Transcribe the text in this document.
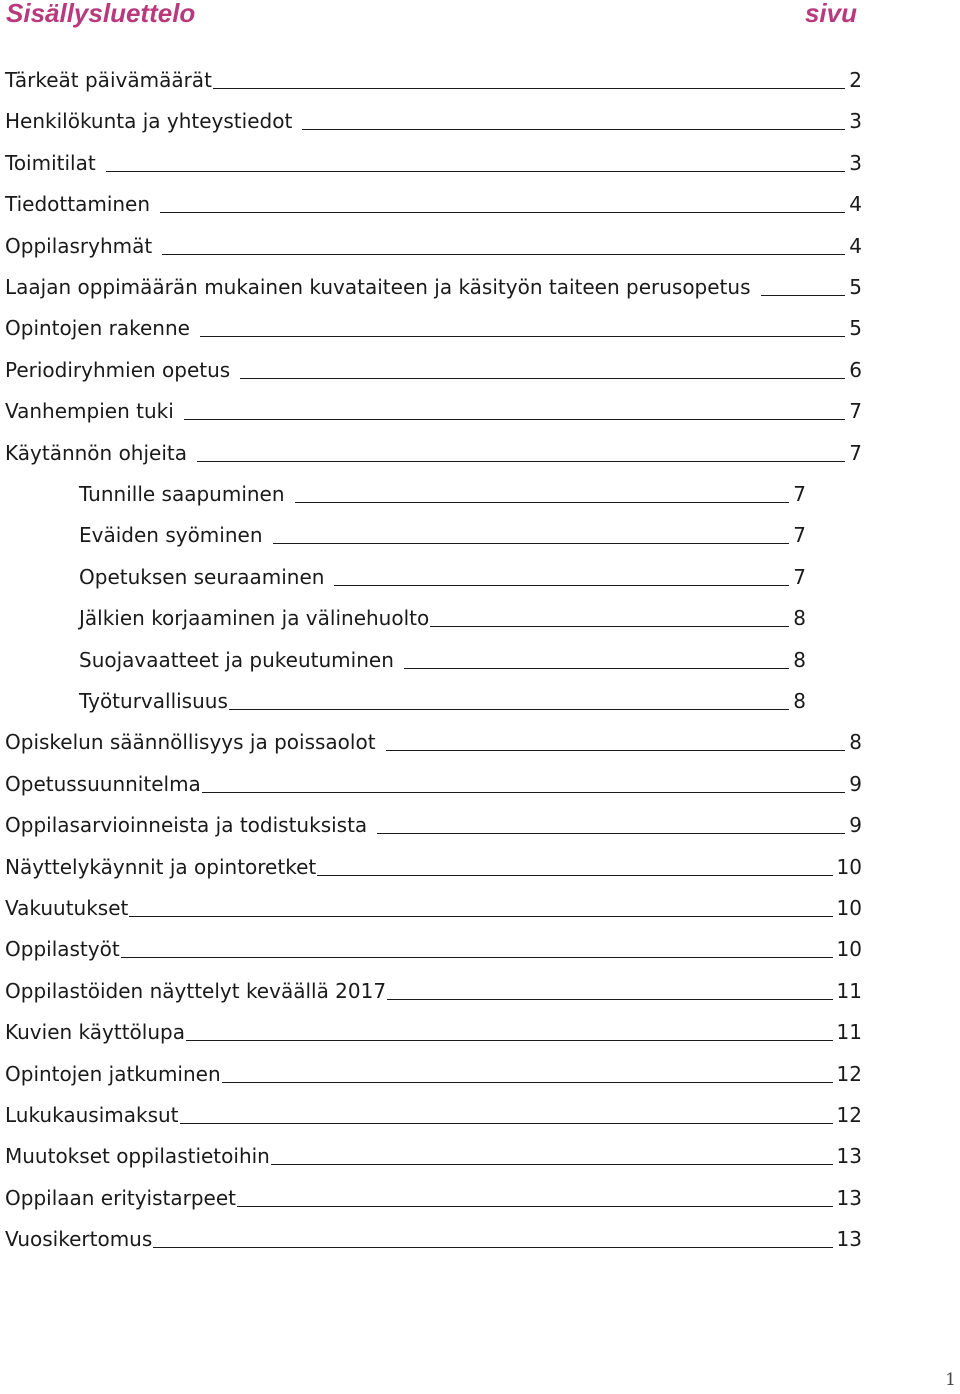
Sisällysluettelo	sivu
Tärkeät päivämäärät	2
Henkilökunta ja yhteystiedot	3
Toimitilat	3
Tiedottaminen	4
Oppilasryhmät	4
Laajan oppimäärän mukainen kuvataiteen ja käsityön taiteen perusopetus	5
Opintojen rakenne	5
Periodiryhmien opetus	6
Vanhempien tuki	7
Käytännön ohjeita	7
Tunnille saapuminen	7
Eväiden syöminen	7
Opetuksen seuraaminen	7
Jälkien korjaaminen ja välinehuolto	8
Suojavaatteet ja pukeutuminen	8
Työturvallisuus	8
Opiskelun säännöllisyys ja poissaolot	8
Opetussuunnitelma	9
Oppilasarvioinneista ja todistuksista	9
Näyttelykäynnit ja opintoretket	10
Vakuutukset	10
Oppilastyöt	10
Oppilastöiden näyttelyt keväällä 2017	11
Kuvien käyttölupa	11
Opintojen jatkuminen	12
Lukukausimaksut	12
Muutokset oppilastietoihin	13
Oppilaan erityistarpeet	13
Vuosikertomus	13
1
